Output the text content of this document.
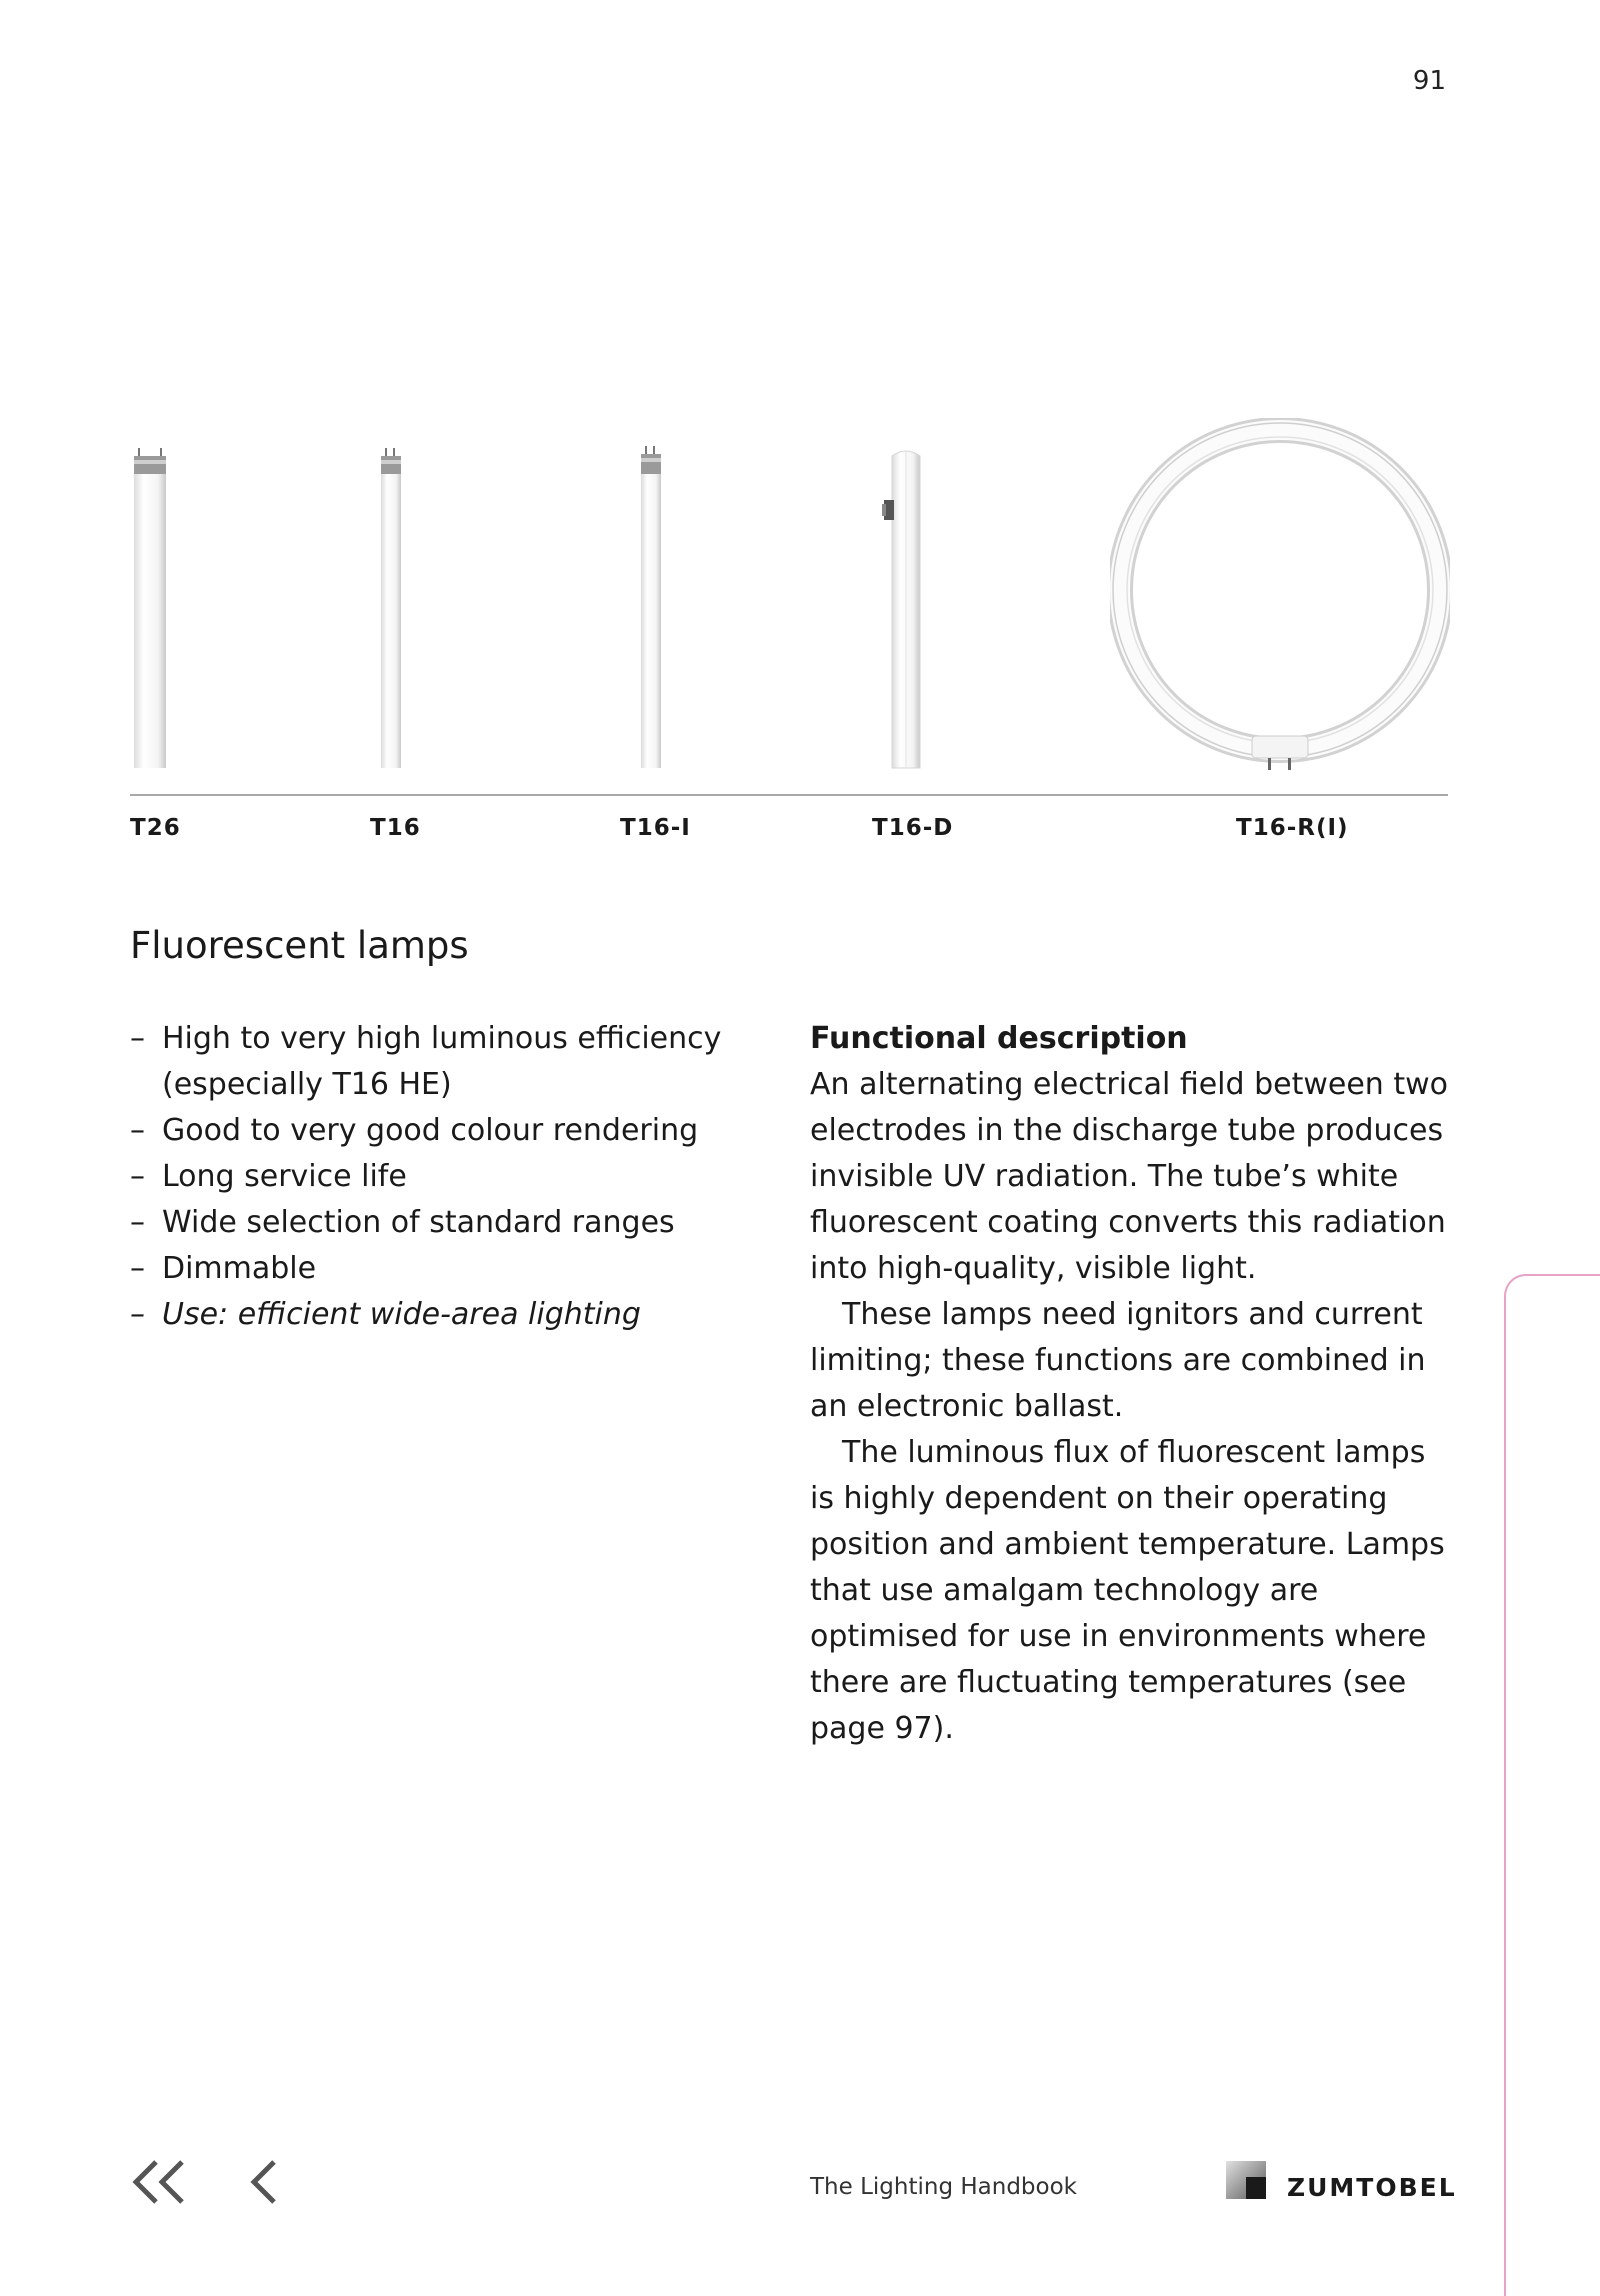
91
T26	T16	T16-I	T16-D	T16-R(I)
Fluorescent lamps
– High to very high luminous efficiency (especially T16 HE)
– Good to very good colour rendering
– Long service life
– Wide selection of standard ranges
– Dimmable
– Use: efficient wide-area lighting
Functional description

An alternating electrical field between two electrodes in the discharge tube produces invisible UV radiation. The tube’s white fluorescent coating converts this radiation into high-quality, visible light.

These lamps need ignitors and current limiting; these functions are combined in an electronic ballast.

The luminous flux of fluorescent lamps is highly dependent on their operating position and ambient temperature. Lamps that use amalgam technology are optimised for use in environments where there are fluctuating temperatures (see page 97).

The Lighting Handbook	ZUMTOBEL
